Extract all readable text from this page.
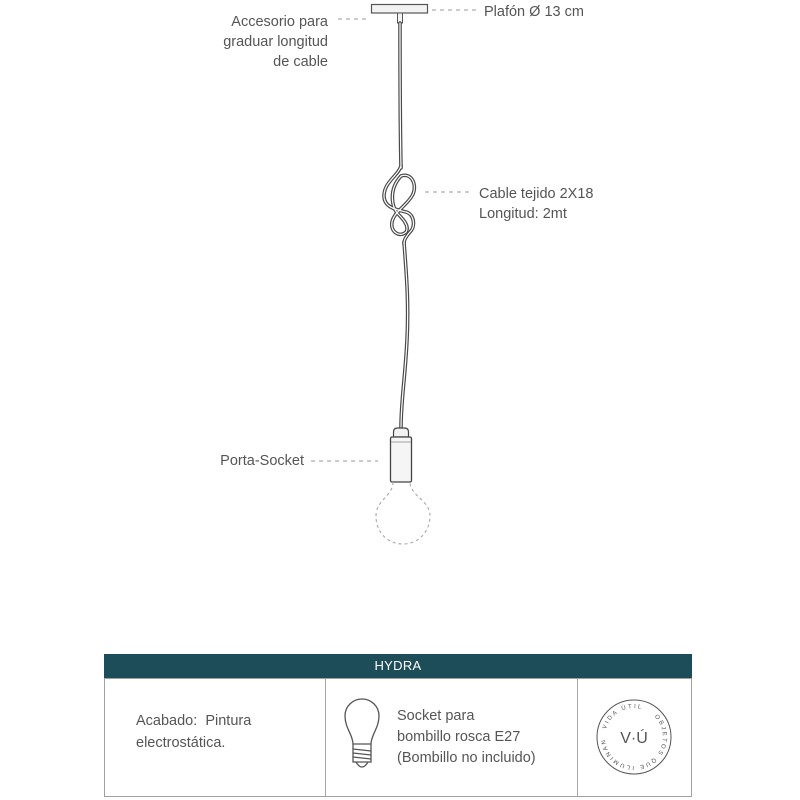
V·Ú
VIDA ÚTIL
OBJETOS QUE ILUMINAN
Plafón Ø 13 cm
Accesorio para
graduar longitud
de cable
Cable tejido 2X18
Longitud: 2mt
Porta-Socket
HYDRA
Acabado:  Pintura
electrostática.
Socket para
bombillo rosca E27
(Bombillo no incluido)
